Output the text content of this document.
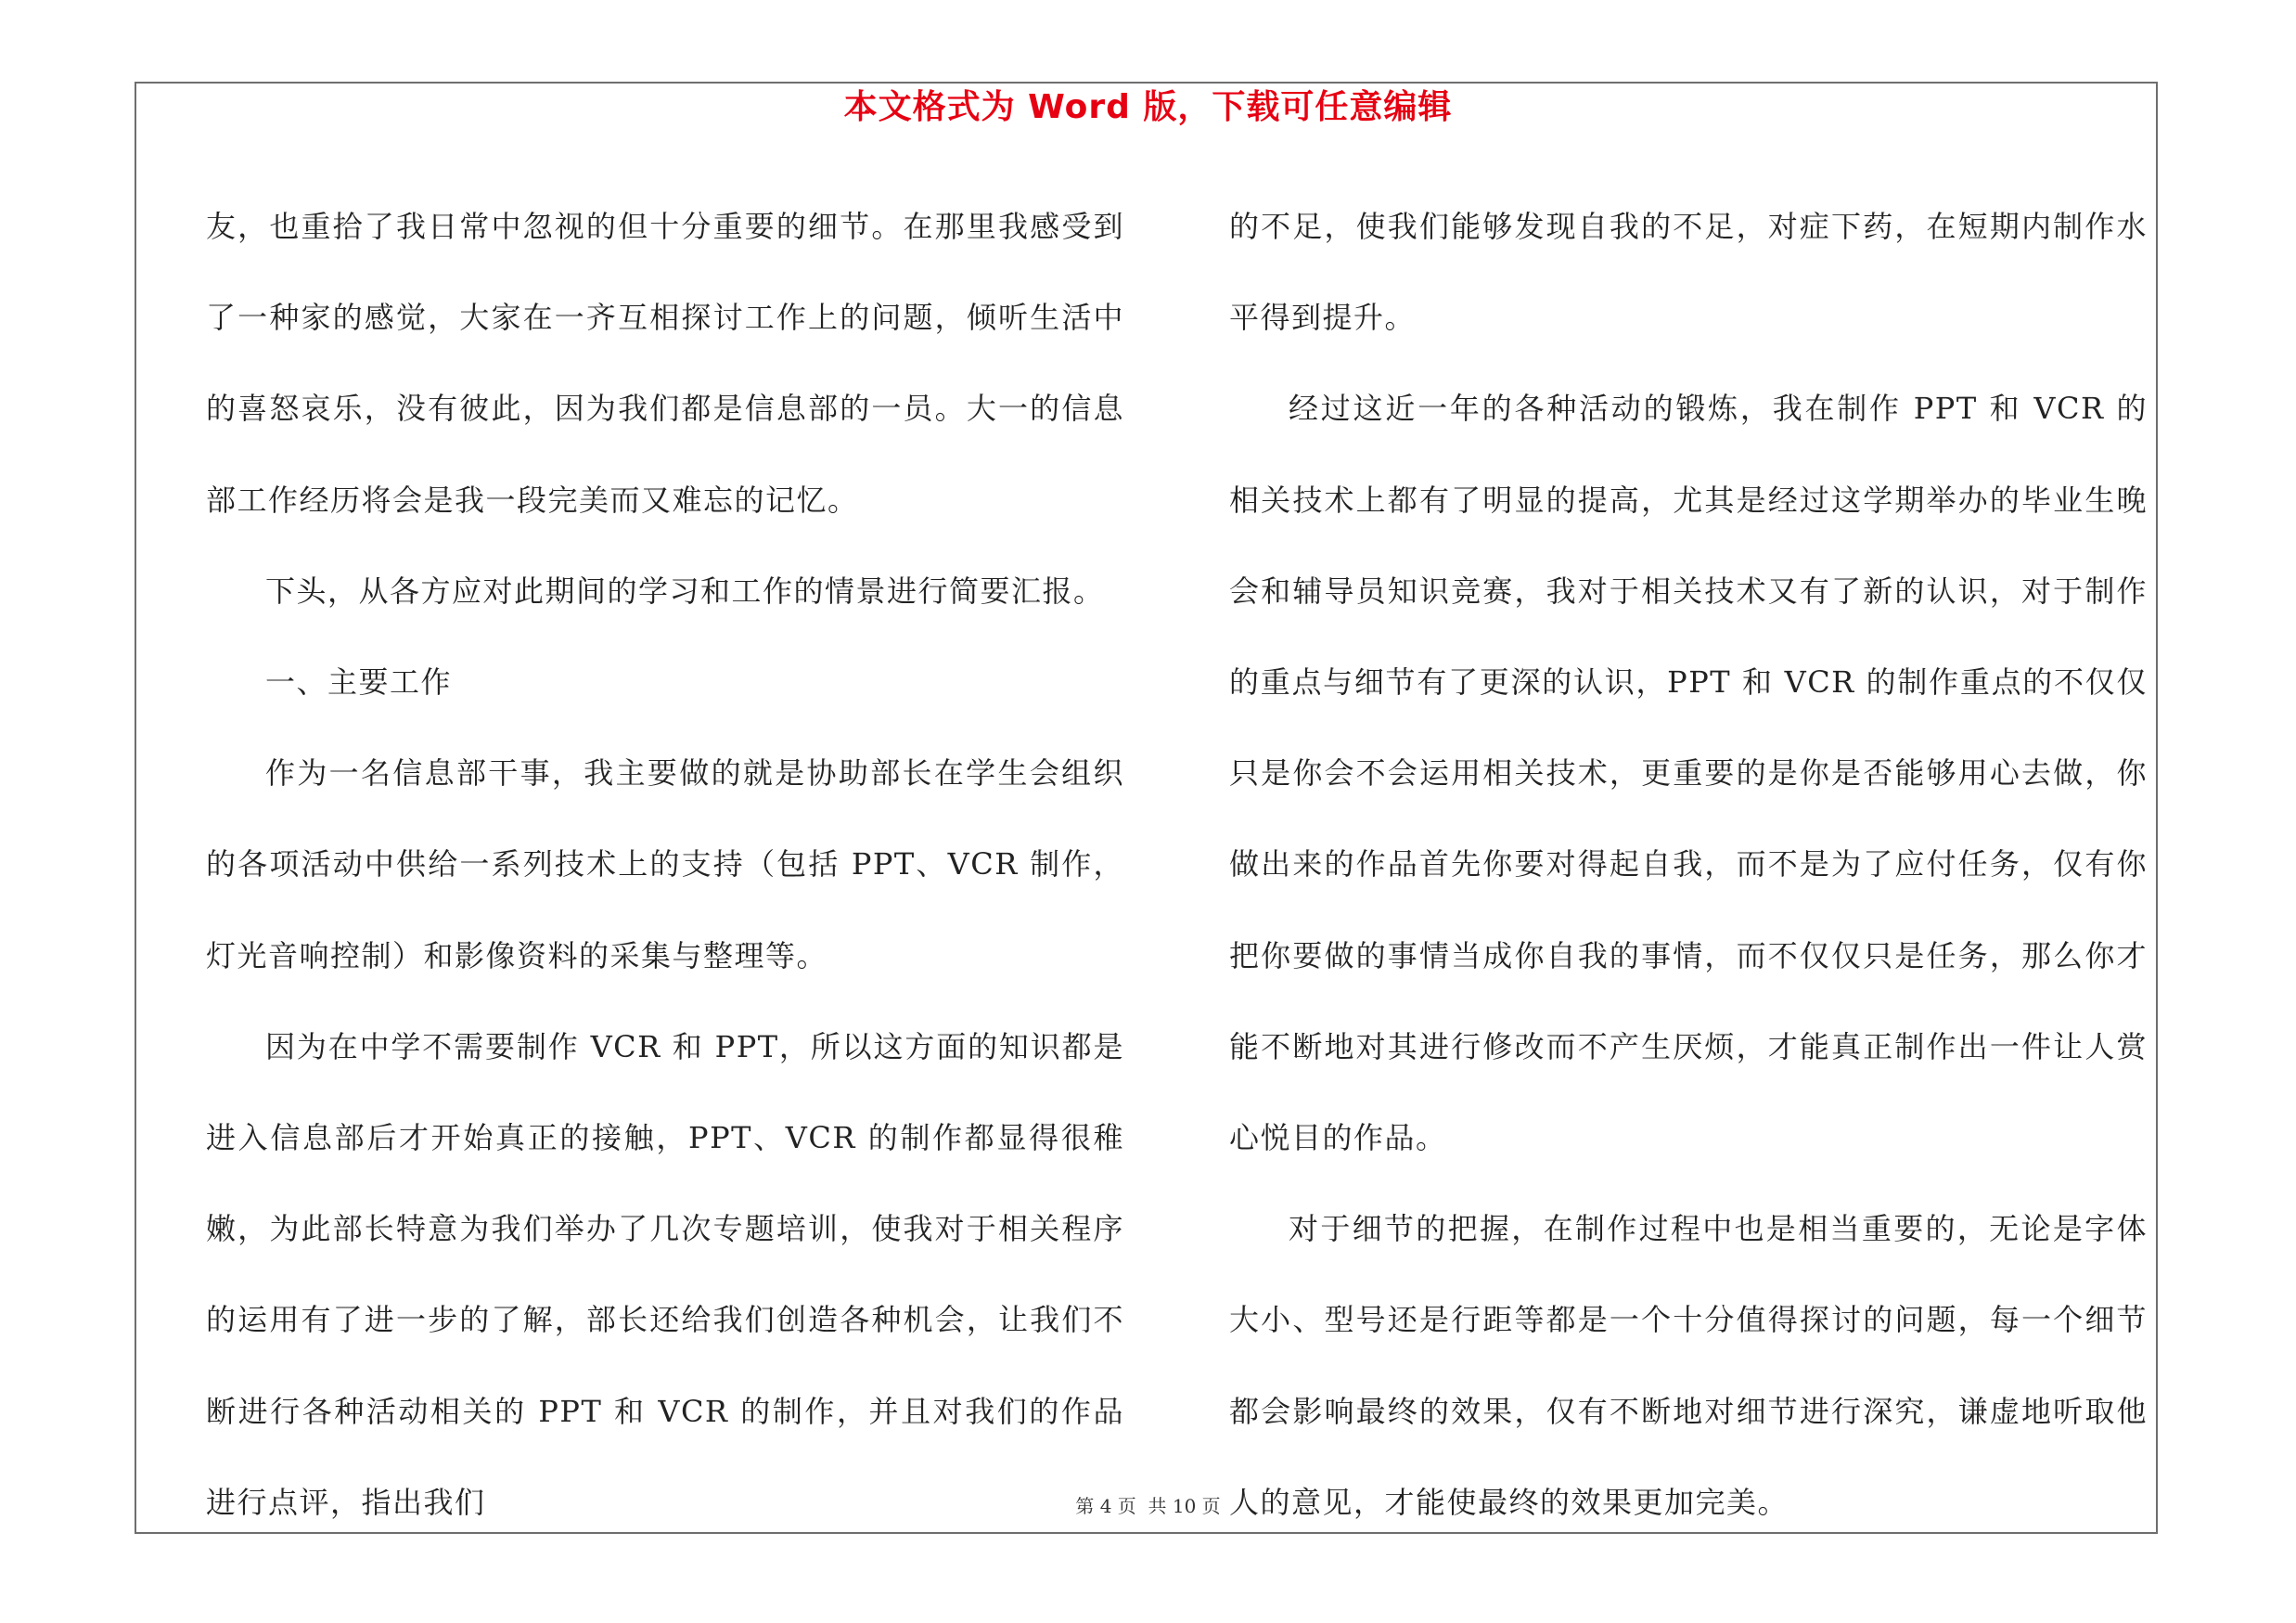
本文格式为 Word 版，下载可任意编辑

友，也重拾了我日常中忽视的但十分重要的细节。在那里我感受到了一种家的感觉，大家在一齐互相探讨工作上的问题，倾听生活中的喜怒哀乐，没有彼此，因为我们都是信息部的一员。大一的信息部工作经历将会是我一段完美而又难忘的记忆。

下头，从各方应对此期间的学习和工作的情景进行简要汇报。

一、主要工作

作为一名信息部干事，我主要做的就是协助部长在学生会组织的各项活动中供给一系列技术上的支持（包括 PPT、VCR 制作，灯光音响控制）和影像资料的采集与整理等。

因为在中学不需要制作 VCR 和 PPT，所以这方面的知识都是进入信息部后才开始真正的接触，PPT、VCR 的制作都显得很稚嫩，为此部长特意为我们举办了几次专题培训，使我对于相关程序的运用有了进一步的了解，部长还给我们创造各种机会，让我们不断进行各种活动相关的 PPT 和 VCR 的制作，并且对我们的作品进行点评，指出我们

的不足，使我们能够发现自我的不足，对症下药，在短期内制作水平得到提升。

经过这近一年的各种活动的锻炼，我在制作 PPT 和 VCR 的相关技术上都有了明显的提高，尤其是经过这学期举办的毕业生晚会和辅导员知识竞赛，我对于相关技术又有了新的认识，对于制作的重点与细节有了更深的认识，PPT 和 VCR 的制作重点的不仅仅只是你会不会运用相关技术，更重要的是你是否能够用心去做，你做出来的作品首先你要对得起自我，而不是为了应付任务，仅有你把你要做的事情当成你自我的事情，而不仅仅只是任务，那么你才能不断地对其进行修改而不产生厌烦，才能真正制作出一件让人赏心悦目的作品。

对于细节的把握，在制作过程中也是相当重要的，无论是字体大小、型号还是行距等都是一个十分值得探讨的问题，每一个细节都会影响最终的效果，仅有不断地对细节进行深究，谦虚地听取他人的意见，才能使最终的效果更加完美。

第 4 页  共 10 页
